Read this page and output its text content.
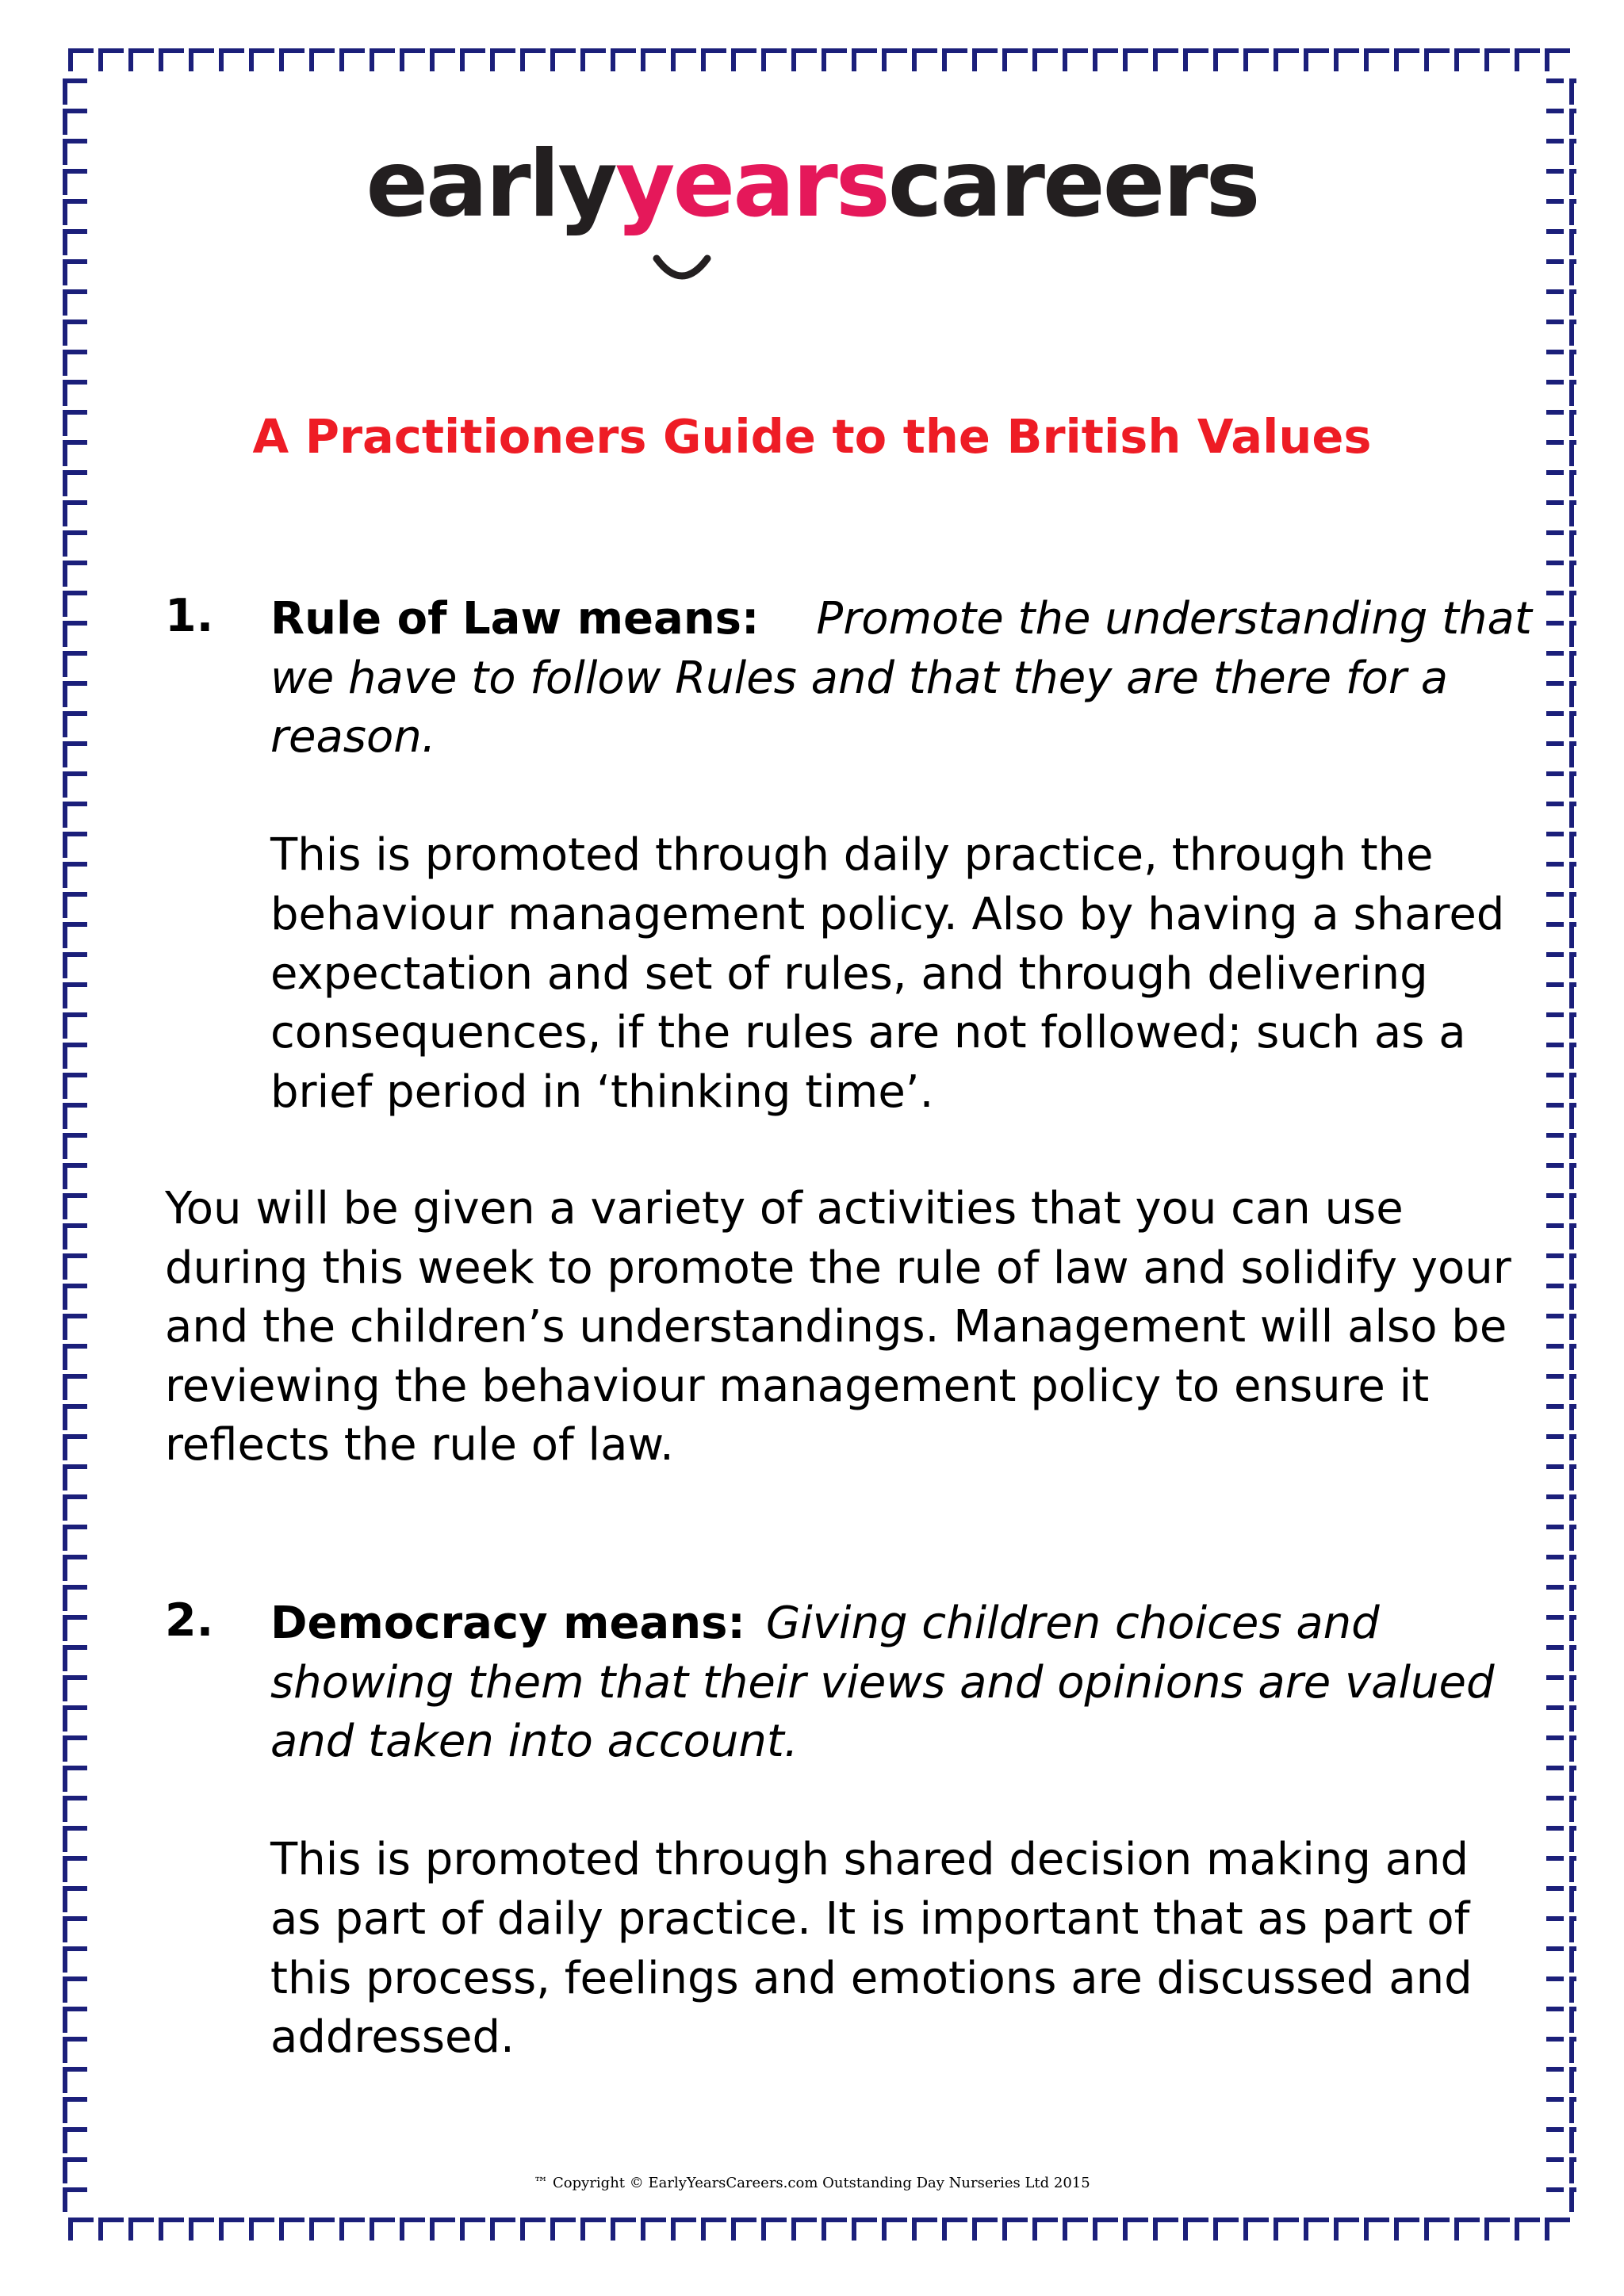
earlyyearscareers
A Practitioners Guide to the British Values
1. Rule of Law means: Promote the understanding that
we have to follow Rules and that they are there for a
reason.
This is promoted through daily practice, through the
behaviour management policy. Also by having a shared
expectation and set of rules, and through delivering
consequences, if the rules are not followed; such as a
brief period in ‘thinking time’.
You will be given a variety of activities that you can use
during this week to promote the rule of law and solidify your
and the children’s understandings. Management will also be
reviewing the behaviour management policy to ensure it
reflects the rule of law.
2. Democracy means: Giving children choices and
showing them that their views and opinions are valued
and taken into account.
This is promoted through shared decision making and
as part of daily practice. It is important that as part of
this process, feelings and emotions are discussed and
addressed.
™ Copyright © EarlyYearsCareers.com Outstanding Day Nurseries Ltd 2015
